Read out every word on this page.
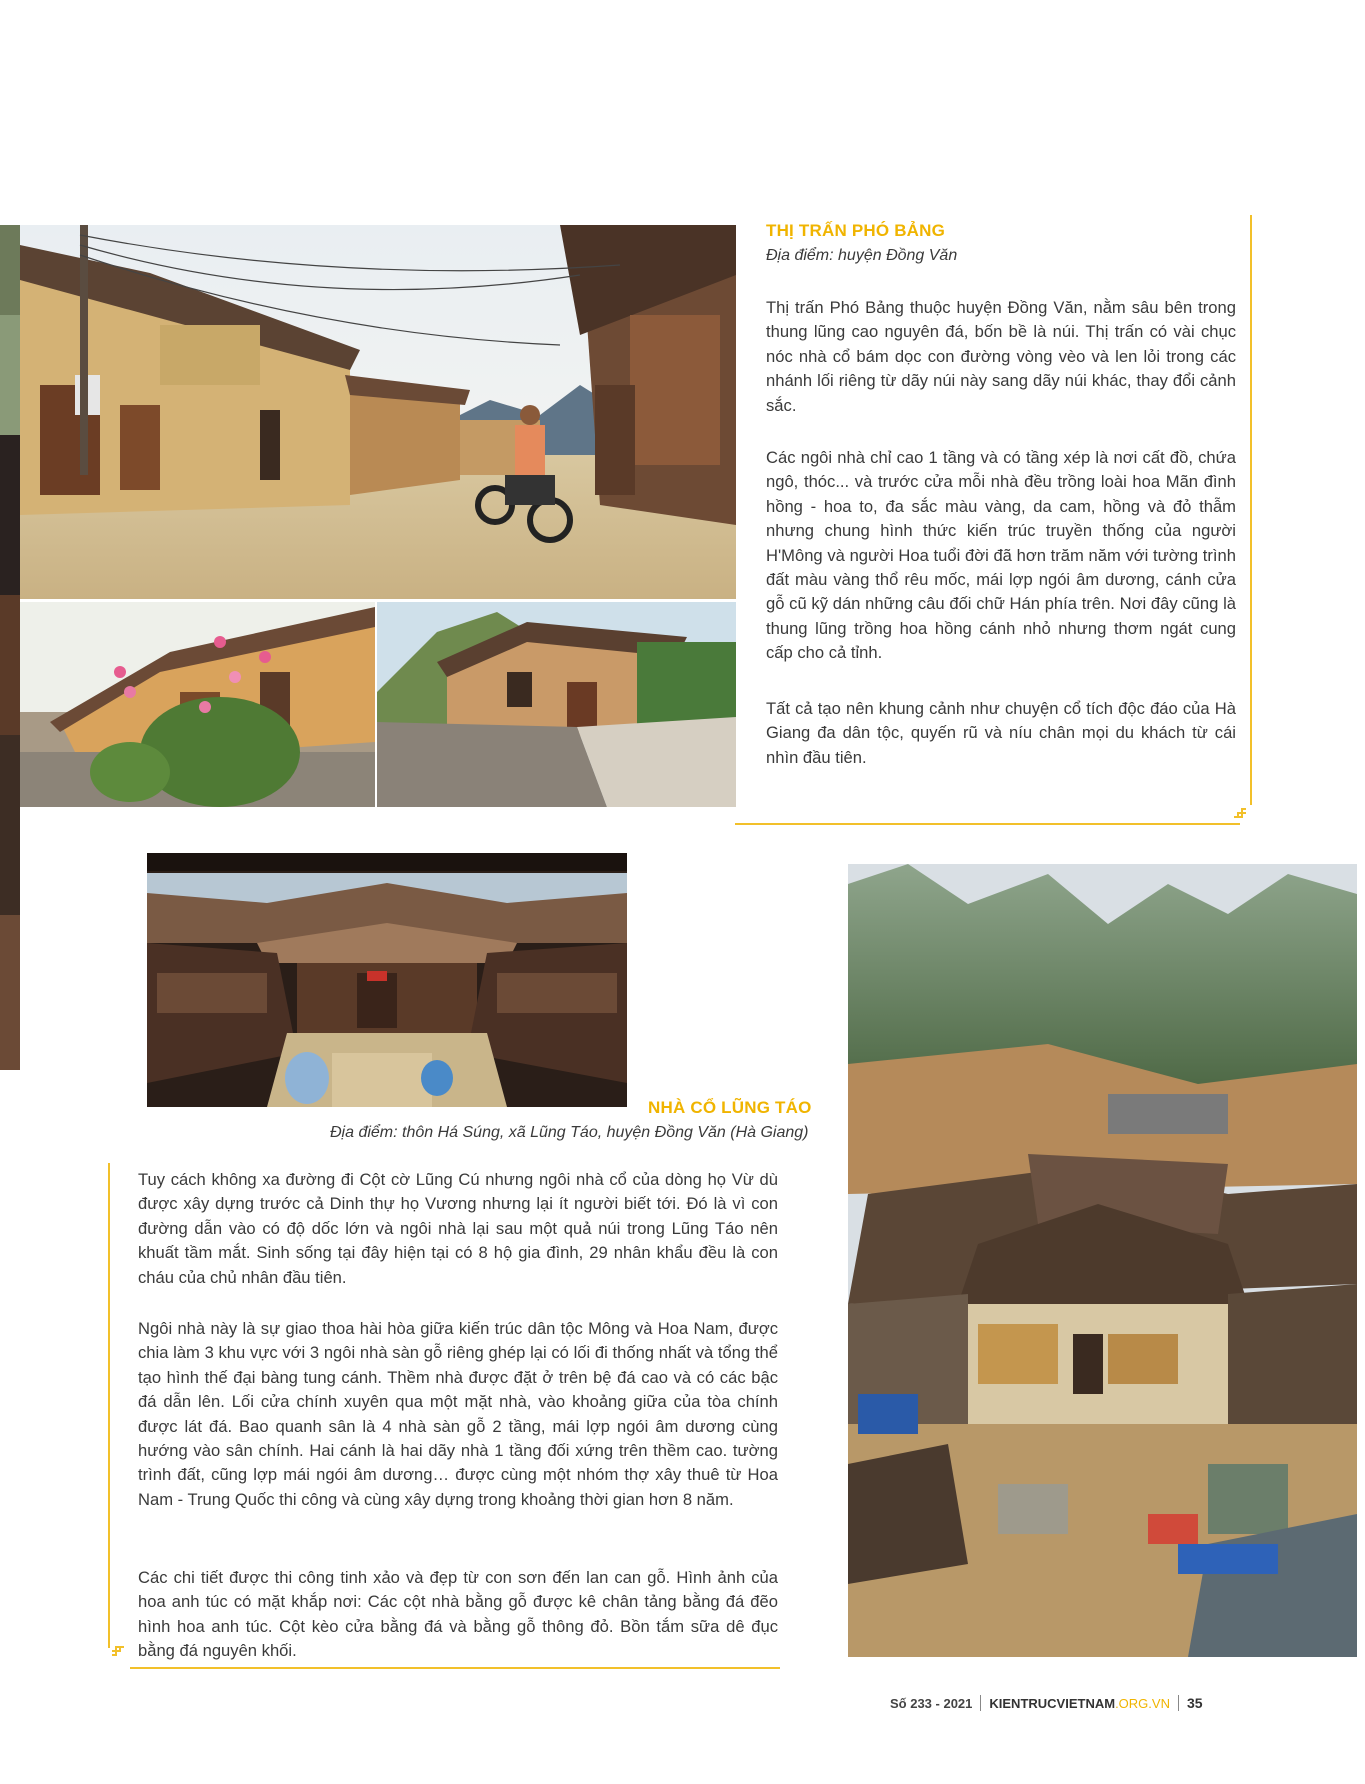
THỊ TRẤN PHÓ BẢNG
Địa điểm: huyện Đồng Văn

Thị trấn Phó Bảng thuộc huyện Đồng Văn, nằm sâu bên trong thung lũng cao nguyên đá, bốn bề là núi. Thị trấn có vài chục nóc nhà cổ bám dọc con đường vòng vèo và len lỏi trong các nhánh lối riêng từ dãy núi này sang dãy núi khác, thay đổi cảnh sắc.

Các ngôi nhà chỉ cao 1 tầng và có tầng xép là nơi cất đồ, chứa ngô, thóc... và trước cửa mỗi nhà đều trồng loài hoa Mãn đình hồng - hoa to, đa sắc màu vàng, da cam, hồng và đỏ thẫm nhưng chung hình thức kiến trúc truyền thống của người H'Mông và người Hoa tuổi đời đã hơn trăm năm với tường trình đất màu vàng thổ rêu mốc, mái lợp ngói âm dương, cánh cửa gỗ cũ kỹ dán những câu đối chữ Hán phía trên. Nơi đây cũng là thung lũng trồng hoa hồng cánh nhỏ nhưng thơm ngát cung cấp cho cả tỉnh.

Tất cả tạo nên khung cảnh như chuyện cổ tích độc đáo của Hà Giang đa dân tộc, quyến rũ và níu chân mọi du khách từ cái nhìn đầu tiên.

NHÀ CỔ LŨNG TÁO
Địa điểm: thôn Há Súng, xã Lũng Táo, huyện Đồng Văn (Hà Giang)

Tuy cách không xa đường đi Cột cờ Lũng Cú nhưng ngôi nhà cổ của dòng họ Vừ dù được xây dựng trước cả Dinh thự họ Vương nhưng lại ít người biết tới. Đó là vì con đường dẫn vào có độ dốc lớn và ngôi nhà lại sau một quả núi trong Lũng Táo nên khuất tầm mắt. Sinh sống tại đây hiện tại có 8 hộ gia đình, 29 nhân khẩu đều là con cháu của chủ nhân đầu tiên.

Ngôi nhà này là sự giao thoa hài hòa giữa kiến trúc dân tộc Mông và Hoa Nam, được chia làm 3 khu vực với 3 ngôi nhà sàn gỗ riêng ghép lại có lối đi thống nhất và tổng thể tạo hình thế đại bàng tung cánh. Thềm nhà được đặt ở trên bệ đá cao và có các bậc đá dẫn lên. Lối cửa chính xuyên qua một mặt nhà, vào khoảng giữa của tòa chính được lát đá. Bao quanh sân là 4 nhà sàn gỗ 2 tầng, mái lợp ngói âm dương cùng hướng vào sân chính. Hai cánh là hai dãy nhà 1 tầng đối xứng trên thềm cao. tường trình đất, cũng lợp mái ngói âm dương… được cùng một nhóm thợ xây thuê từ Hoa Nam - Trung Quốc thi công và cùng xây dựng trong khoảng thời gian hơn 8 năm.

Các chi tiết được thi công tinh xảo và đẹp từ con sơn đến lan can gỗ. Hình ảnh của hoa anh túc có mặt khắp nơi: Các cột nhà bằng gỗ được kê chân tảng bằng đá đẽo hình hoa anh túc. Cột kèo cửa bằng đá và bằng gỗ thông đỏ. Bồn tắm sữa dê đục bằng đá nguyên khối.

Số 233 - 2021 KIENTRUCVIETNAM .ORG.VN 35
